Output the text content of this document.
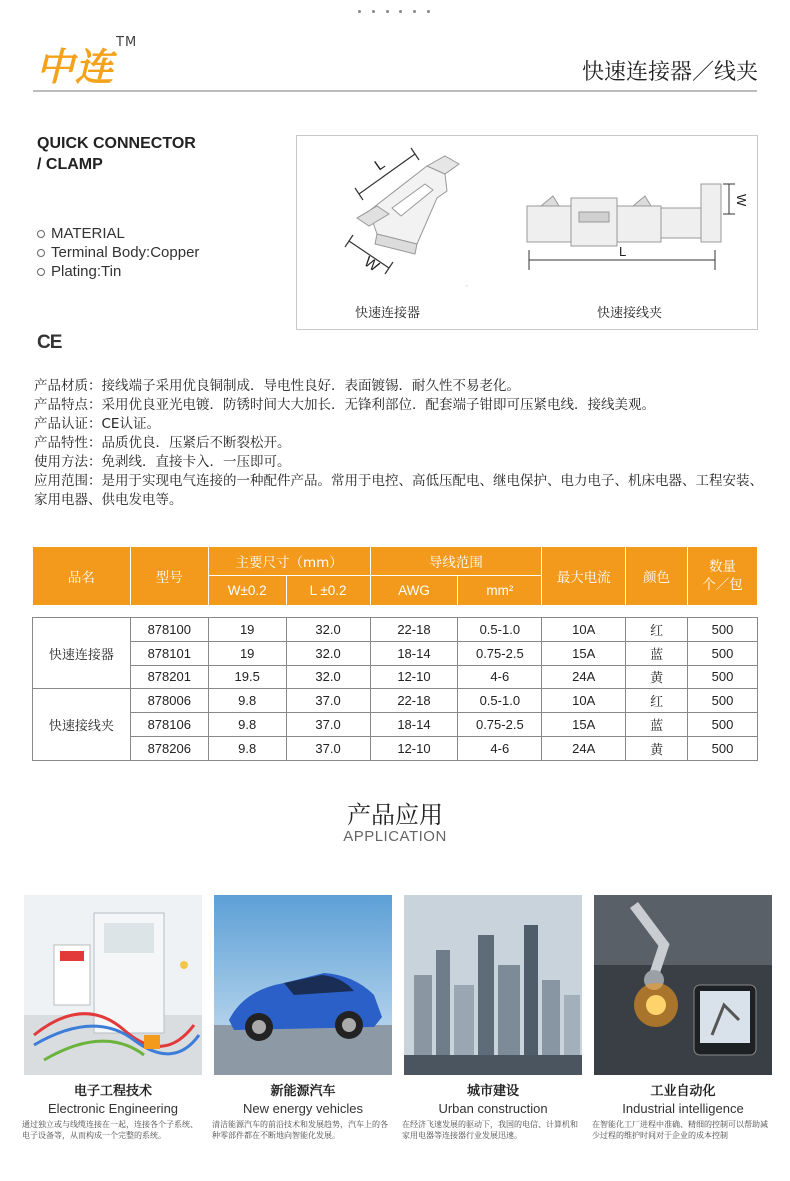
中连™
快速连接器／线夹
QUICK CONNECTOR
/ CLAMP
MATERIAL
Terminal Body:Copper
Plating:Tin
CE
L
W
◦
L
W
快速连接器	快速接线夹
产品材质：接线端子采用优良铜制成．导电性良好．表面镀锡．耐久性不易老化。
产品特点：采用优良亚光电镀．防锈时间大大加长．无锋利部位．配套端子钳即可压紧电线．接线美观。
产品认证：CE认证。
产品特性：品质优良．压紧后不断裂松开。
使用方法：免剥线．直接卡入．一压即可。
应用范围：是用于实现电气连接的一种配件产品。常用于电控、高低压配电、继电保护、电力电子、机床电器、工程安装、家用电器、供电发电等。
品名	型号	主要尺寸（mm）		导线范围		最大电流	颜色	数量
个／包

		W±0.2	L ±0.2	AWG	mm²			

快速连接器	878100	19	32.0	22-18	0.5-1.0	10A	红	500
	878101	19	32.0	18-14	0.75-2.5	15A	蓝	500
	878201	19.5	32.0	12-10	4-6	24A	黄	500
快速接线夹	878006	9.8	37.0	22-18	0.5-1.0	10A	红	500
	878106	9.8	37.0	18-14	0.75-2.5	15A	蓝	500
	878206	9.8	37.0	12-10	4-6	24A	黄	500
产品应用
APPLICATION
电子工程技术
Electronic Engineering
通过独立或与线缆连接在一起，连接各个子系统、电子设备等，从而构成一个完整的系统。
新能源汽车
New energy vehicles
清洁能源汽车的前沿技术和发展趋势，汽车上的各种零部件都在不断地向智能化发展。
城市建设
Urban construction
在经济飞速发展的驱动下，我国的电信、计算机和家用电器等连接器行业发展迅速。
工业自动化
Industrial intelligence
在智能化工厂进程中准确、精细的控制可以帮助减少过程的维护时间对于企业的成本控制
